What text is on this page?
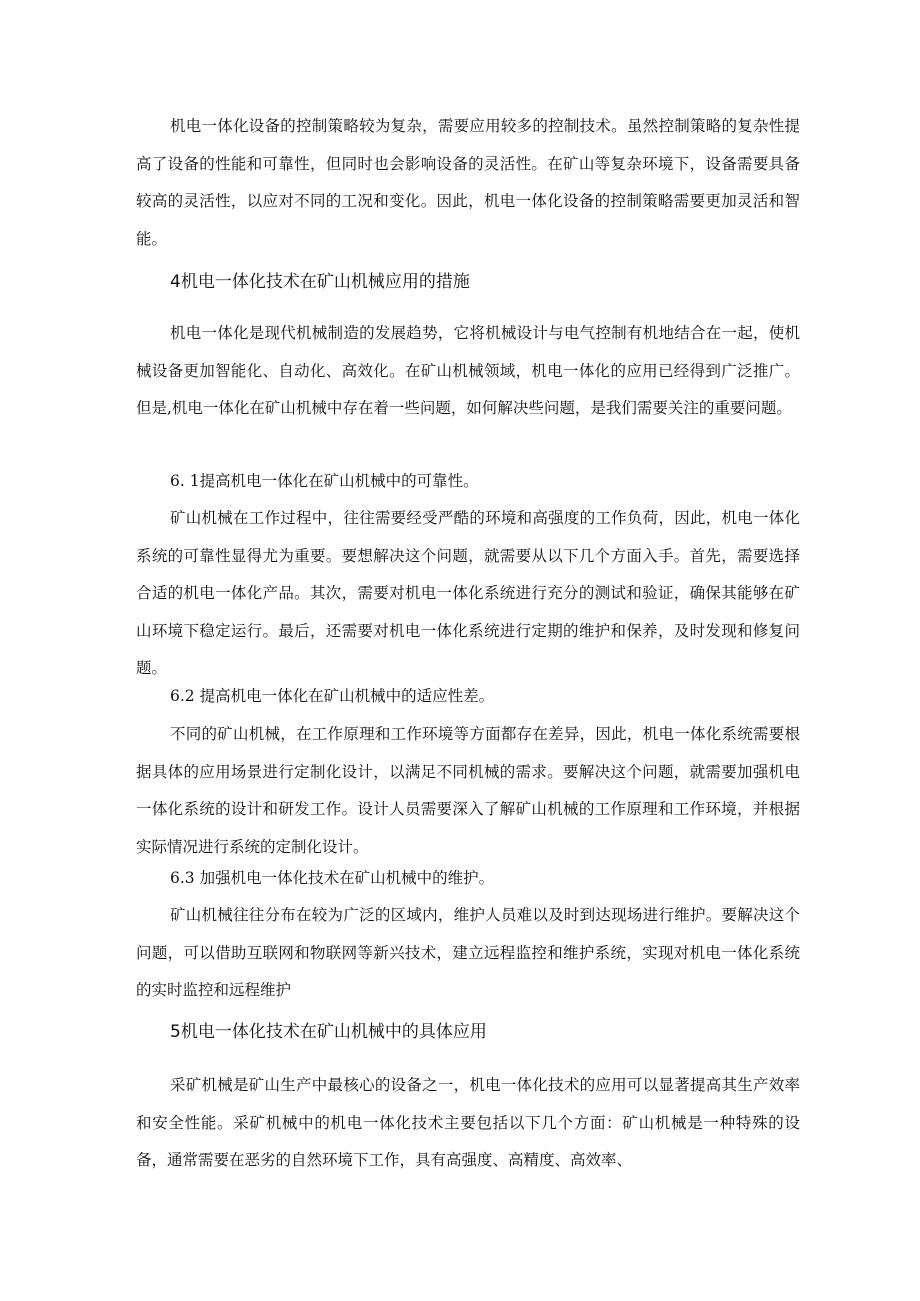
机电一体化设备的控制策略较为复杂，需要应用较多的控制技术。虽然控制策略的复杂性提高了设备的性能和可靠性，但同时也会影响设备的灵活性。在矿山等复杂环境下，设备需要具备较高的灵活性，以应对不同的工况和变化。因此，机电一体化设备的控制策略需要更加灵活和智能。

4机电一体化技术在矿山机械应用的措施

机电一体化是现代机械制造的发展趋势，它将机械设计与电气控制有机地结合在一起，使机械设备更加智能化、自动化、高效化。在矿山机械领域，机电一体化的应用已经得到广泛推广。但是,机电一体化在矿山机械中存在着一些问题，如何解决些问题，是我们需要关注的重要问题。

6. 1提高机电一体化在矿山机械中的可靠性。

矿山机械在工作过程中，往往需要经受严酷的环境和高强度的工作负荷，因此，机电一体化系统的可靠性显得尤为重要。要想解决这个问题，就需要从以下几个方面入手。首先，需要选择合适的机电一体化产品。其次，需要对机电一体化系统进行充分的测试和验证，确保其能够在矿山环境下稳定运行。最后，还需要对机电一体化系统进行定期的维护和保养，及时发现和修复问题。

6.2 提高机电一体化在矿山机械中的适应性差。

不同的矿山机械，在工作原理和工作环境等方面都存在差异，因此，机电一体化系统需要根据具体的应用场景进行定制化设计，以满足不同机械的需求。要解决这个问题，就需要加强机电一体化系统的设计和研发工作。设计人员需要深入了解矿山机械的工作原理和工作环境，并根据实际情况进行系统的定制化设计。

6.3 加强机电一体化技术在矿山机械中的维护。

矿山机械往往分布在较为广泛的区域内，维护人员难以及时到达现场进行维护。要解决这个问题，可以借助互联网和物联网等新兴技术，建立远程监控和维护系统，实现对机电一体化系统的实时监控和远程维护

5机电一体化技术在矿山机械中的具体应用

采矿机械是矿山生产中最核心的设备之一，机电一体化技术的应用可以显著提高其生产效率和安全性能。采矿机械中的机电一体化技术主要包括以下几个方面：矿山机械是一种特殊的设备，通常需要在恶劣的自然环境下工作，具有高强度、高精度、高效率、
